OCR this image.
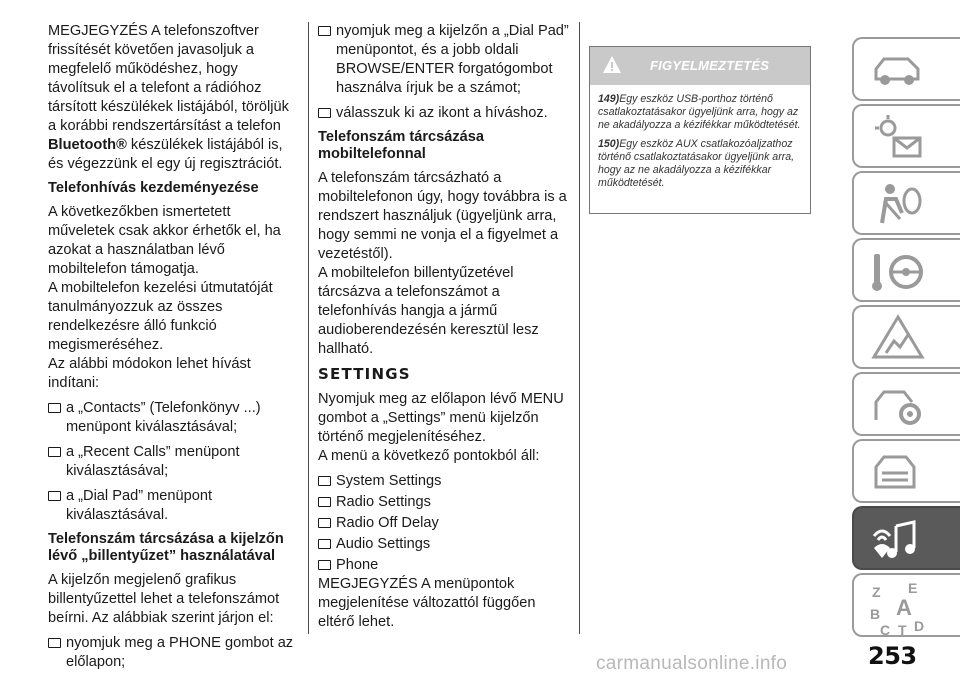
MEGJEGYZÉS A telefonszoftver frissítését követően javasoljuk a megfelelő működéshez, hogy távolítsuk el a telefont a rádióhoz társított készülékek listájából, töröljük a korábbi rendszertársítást a telefon Bluetooth® készülékek listájából is, és végezzünk el egy új regisztrációt.

Telefonhívás kezdeményezése

A következőkben ismertetett műveletek csak akkor érhetők el, ha azokat a használatban lévő mobiltelefon támogatja.

A mobiltelefon kezelési útmutatóját tanulmányozzuk az összes rendelkezésre álló funkció megismeréséhez.

Az alábbi módokon lehet hívást indítani:

a „Contacts” (Telefonkönyv ...) menüpont kiválasztásával;
a „Recent Calls” menüpont kiválasztásával;
a „Dial Pad” menüpont kiválasztásával.
Telefonszám tárcsázása a kijelzőn lévő „billentyűzet” használatával

A kijelzőn megjelenő grafikus billentyűzettel lehet a telefonszámot beírni. Az alábbiak szerint járjon el:

nyomjuk meg a PHONE gombot az előlapon;
nyomjuk meg a kijelzőn a „Dial Pad” menüpontot, és a jobb oldali BROWSE/ENTER forgatógombot használva írjuk be a számot;
válasszuk ki az ikont a híváshoz.
Telefonszám tárcsázása mobiltelefonnal

A telefonszám tárcsázható a mobiltelefonon úgy, hogy továbbra is a rendszert használjuk (ügyeljünk arra, hogy semmi ne vonja el a figyelmet a vezetéstől).

A mobiltelefon billentyűzetével tárcsázva a telefonszámot a telefonhívás hangja a jármű audioberendezésén keresztül lesz hallható.

SETTINGS

Nyomjuk meg az előlapon lévő MENU gombot a „Settings” menü kijelzőn történő megjelenítéséhez.

A menü a következő pontokból áll:

System Settings
Radio Settings
Radio Off Delay
Audio Settings
Phone

MEGJEGYZÉS A menüpontok megjelenítése változattól függően eltérő lehet.

FIGYELMEZTETÉS

149)Egy eszköz USB-porthoz történő csatlakoztatásakor ügyeljünk arra, hogy az ne akadályozza a kézifékkar működtetését.

150)Egy eszköz AUX csatlakozóaljzathoz történő csatlakoztatásakor ügyeljünk arra, hogy az ne akadályozza a kézifékkar működtetését.

Z E
B A
C T D
253
carmanualsonline.info
